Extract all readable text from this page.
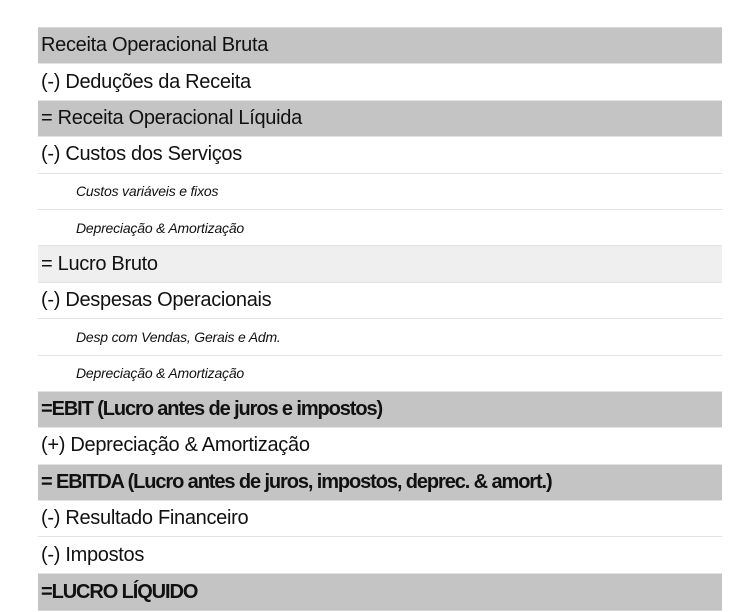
Receita Operacional Bruta
(-) Deduções da Receita
= Receita Operacional Líquida
(-) Custos dos Serviços
Custos variáveis e fixos
Depreciação & Amortização
= Lucro Bruto
(-) Despesas Operacionais
Desp com Vendas, Gerais e Adm.
Depreciação & Amortização
=EBIT (Lucro antes de juros e impostos)
(+) Depreciação & Amortização
= EBITDA (Lucro antes de juros, impostos, deprec. & amort.)
(-) Resultado Financeiro
(-) Impostos
=LUCRO LÍQUIDO
